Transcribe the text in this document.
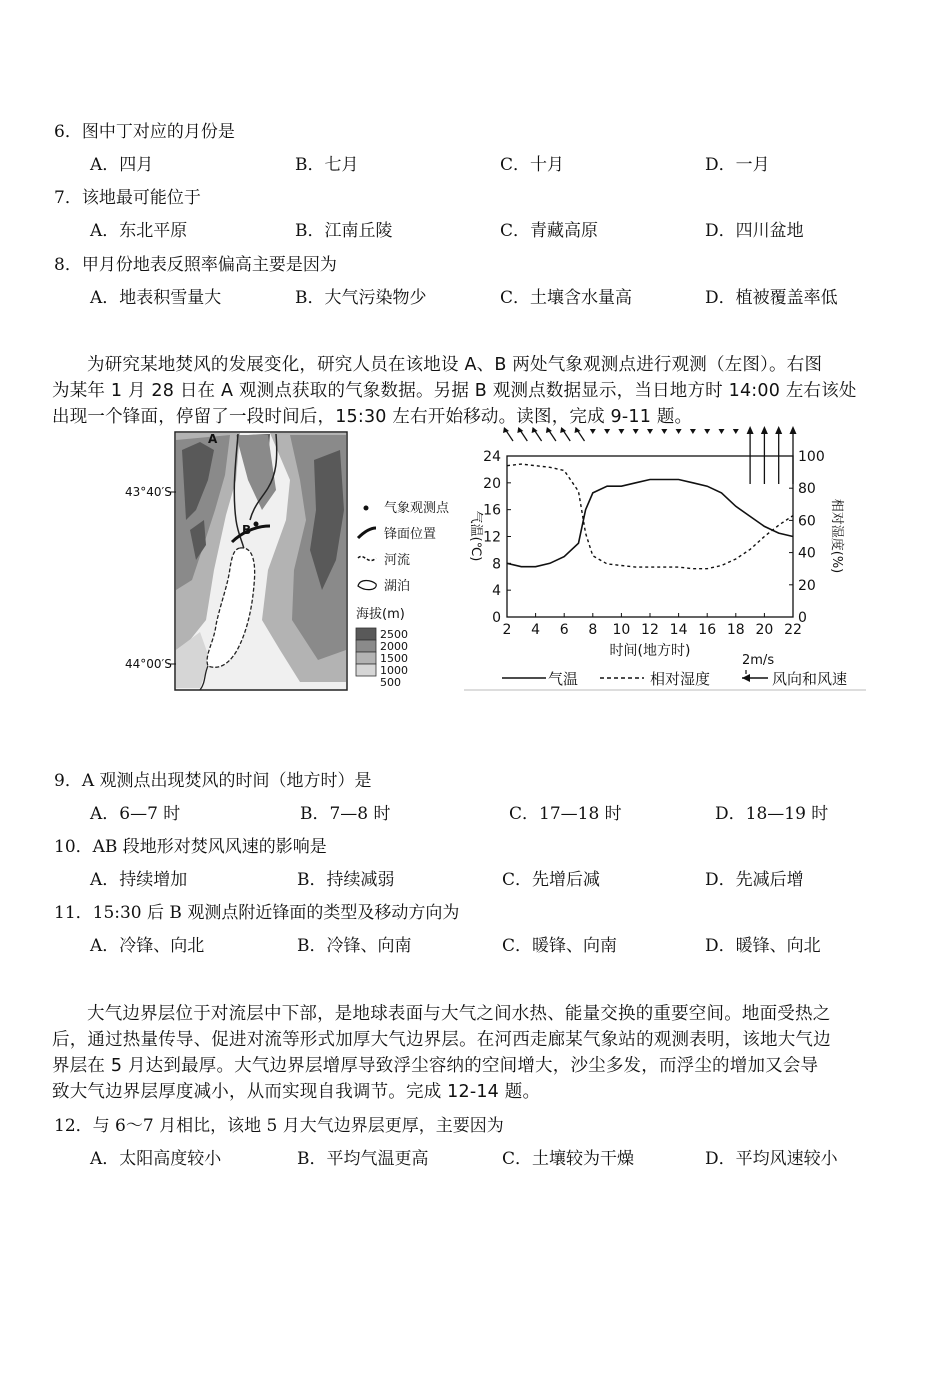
6．图中丁对应的月份是
A．四月	B．七月	C．十月	D．一月
7．该地最可能位于
A．东北平原	B．江南丘陵	C．青藏高原	D．四川盆地
8．甲月份地表反照率偏高主要是因为
A．地表积雪量大	B．大气污染物少	C．土壤含水量高	D．植被覆盖率低
为研究某地焚风的发展变化，研究人员在该地设 A、B 两处气象观测点进行观测（左图）。右图
为某年 1 月 28 日在 A 观测点获取的气象数据。另据 B 观测点数据显示，当日地方时 14:00 左右该处
出现一个锋面，停留了一段时间后，15:30 左右开始移动。读图，完成 9-11 题。
A
B
43°40′S
44°00′S
气象观测点
锋面位置
河流
湖泊
海拔(m)
2500
2000
1500
1000
500
2 4 6 8 10 12 14 16 18 20 22
0
4
8
12
16
20
24
0
20
40
60
80
100
气温(℃)	相对湿度(%)
时间(地方时)
2m/s
气温	相对湿度	风向和风速
9．A 观测点出现焚风的时间（地方时）是
A．6—7 时	B．7—8 时	C．17—18 时	D．18—19 时
10．AB 段地形对焚风风速的影响是
A．持续增加	B．持续减弱	C．先增后减	D．先减后增
11．15:30 后 B 观测点附近锋面的类型及移动方向为
A．冷锋、向北	B．冷锋、向南	C．暖锋、向南	D．暖锋、向北
大气边界层位于对流层中下部，是地球表面与大气之间水热、能量交换的重要空间。地面受热之
后，通过热量传导、促进对流等形式加厚大气边界层。在河西走廊某气象站的观测表明，该地大气边
界层在 5 月达到最厚。大气边界层增厚导致浮尘容纳的空间增大，沙尘多发，而浮尘的增加又会导
致大气边界层厚度减小，从而实现自我调节。完成 12-14 题。
12．与 6～7 月相比，该地 5 月大气边界层更厚，主要因为
A．太阳高度较小	B．平均气温更高	C．土壤较为干燥	D．平均风速较小
